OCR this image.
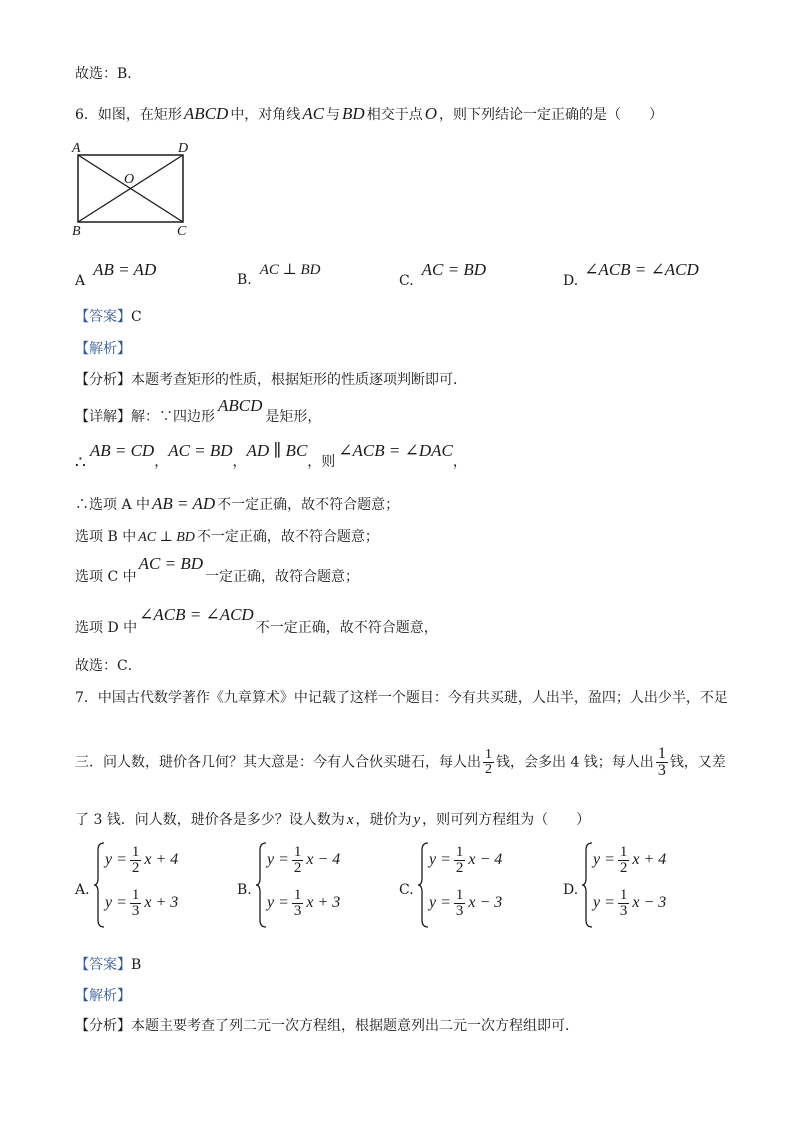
故选：B．
6．如图，在矩形 ABCD 中，对角线 AC 与 BD 相交于点 O ，则下列结论一定正确的是（　　）
A	D
B	C
O
AAB = AD
B.AC ⊥ BD
C.AC = BD
D.∠ACB = ∠ACD
【答案】C
【解析】
【分析】本题考查矩形的性质，根据矩形的性质逐项判断即可．
【详解】解：∵四边形ABCD是矩形，
∴AB = CD，AC = BD，AD ∥ BC，则∠ACB = ∠DAC，
∴选项 A 中 AB = AD 不一定正确，故不符合题意；
选项 B 中 AC ⊥ BD 不一定正确，故不符合题意；
选项 C 中AC = BD一定正确，故符合题意；
选项 D 中∠ACB = ∠ACD不一定正确，故不符合题意，
故选：C．
7．中国古代数学著作《九章算术》中记载了这样一个题目：今有共买琎，人出半，盈四；人出少半，不足
三．问人数，琎价各几何？其大意是：今有人合伙买琎石，每人出 $\frac{1}{2}$ 钱，会多出 4 钱；每人出 $\frac{1}{3}$ 钱，又差
了 3 钱．问人数，琎价各是多少？设人数为 x ，琎价为 y ，则可列方程组为（　　）
A.
$y = \frac{1}{2}$ x + 4
$y = \frac{1}{3}$ x + 3
B.
$y = \frac{1}{2}$ x − 4
$y = \frac{1}{3}$ x + 3
C.
$y = \frac{1}{2}$ x − 4
$y = \frac{1}{3}$ x − 3
D.
$y = \frac{1}{2}$ x + 4
$y = \frac{1}{3}$ x − 3
【答案】B
【解析】
【分析】本题主要考查了列二元一次方程组，根据题意列出二元一次方程组即可．
